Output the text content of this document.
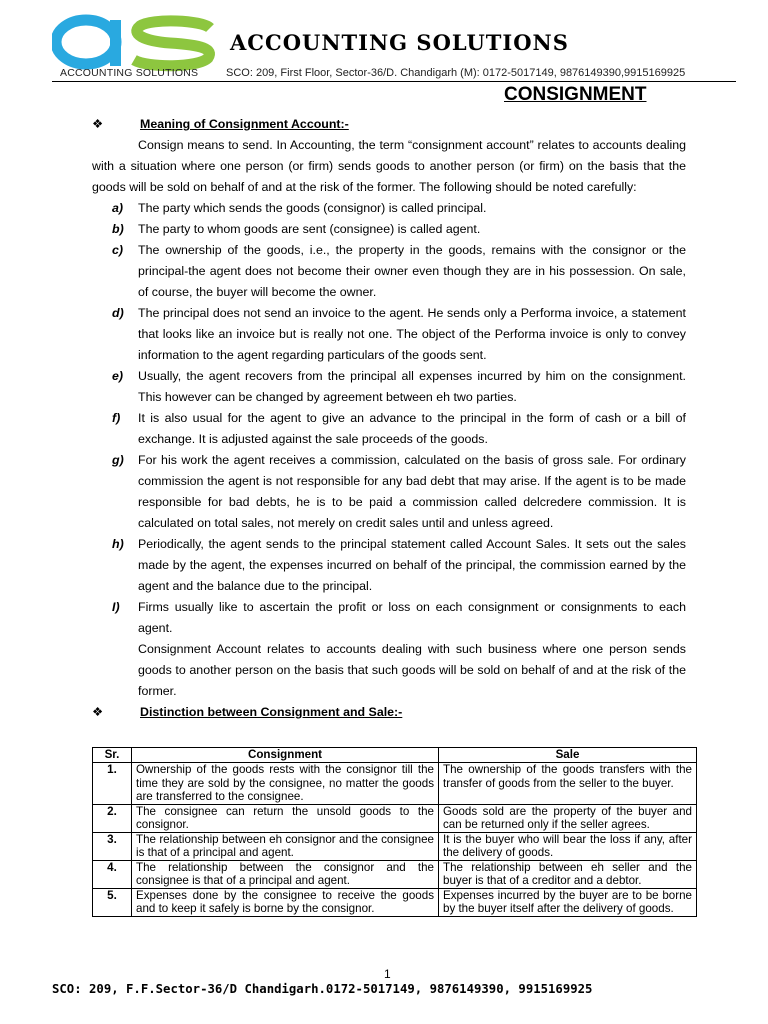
ACCOUNTING SOLUTIONS
ACCOUNTING SOLUTIONS
SCO: 209, First Floor, Sector-36/D. Chandigarh (M): 0172-5017149, 9876149390,9915169925
CONSIGNMENT
❖	Meaning of Consignment Account:-

Consign means to send. In Accounting, the term “consignment account” relates to accounts dealing with a situation where one person (or firm) sends goods to another person (or firm) on the basis that the goods will be sold on behalf of and at the risk of the former. The following should be noted carefully:

a) The party which sends the goods (consignor) is called principal.
b) The party to whom goods are sent (consignee) is called agent.
c) The ownership of the goods, i.e., the property in the goods, remains with the consignor or the principal-the agent does not become their owner even though they are in his possession. On sale, of course, the buyer will become the owner.
d) The principal does not send an invoice to the agent. He sends only a Performa invoice, a statement that looks like an invoice but is really not one. The object of the Performa invoice is only to convey information to the agent regarding particulars of the goods sent.
e) Usually, the agent recovers from the principal all expenses incurred by him on the consignment. This however can be changed by agreement between eh two parties.
f) It is also usual for the agent to give an advance to the principal in the form of cash or a bill of exchange. It is adjusted against the sale proceeds of the goods.
g) For his work the agent receives a commission, calculated on the basis of gross sale. For ordinary commission the agent is not responsible for any bad debt that may arise. If the agent is to be made responsible for bad debts, he is to be paid a commission called delcredere commission. It is calculated on total sales, not merely on credit sales until and unless agreed.
h) Periodically, the agent sends to the principal statement called Account Sales. It sets out the sales made by the agent, the expenses incurred on behalf of the principal, the commission earned by the agent and the balance due to the principal.
I) Firms usually like to ascertain the profit or loss on each consignment or consignments to each agent.

Consignment Account relates to accounts dealing with such business where one person sends goods to another person on the basis that such goods will be sold on behalf of and at the risk of the former.

❖	Distinction between Consignment and Sale:-
Sr.	Consignment	Sale
1.	Ownership of the goods rests with the consignor till the time they are sold by the consignee, no matter the goods are transferred to the consignee.	The ownership of the goods transfers with the transfer of goods from the seller to the buyer.
2.	The consignee can return the unsold goods to the consignor.	Goods sold are the property of the buyer and can be returned only if the seller agrees.
3.	The relationship between eh consignor and the consignee is that of a principal and agent.	It is the buyer who will bear the loss if any, after the delivery of goods.
4.	The relationship between the consignor and the consignee is that of a principal and agent.	The relationship between eh seller and the buyer is that of a creditor and a debtor.
5.	Expenses done by the consignee to receive the goods and to keep it safely is borne by the consignor.	Expenses incurred by the buyer are to be borne by the buyer itself after the delivery of goods.
1
SCO: 209, F.F.Sector-36/D Chandigarh.0172-5017149, 9876149390, 9915169925
